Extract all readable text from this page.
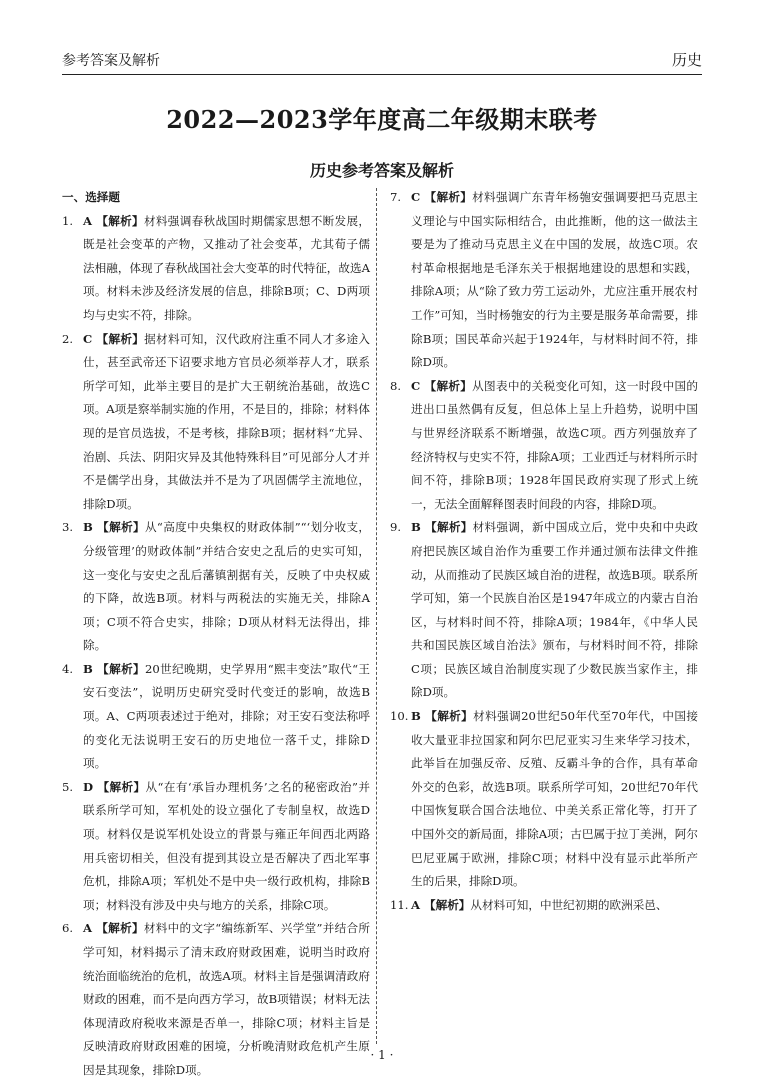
参考答案及解析	历史
2022—2023学年度高二年级期末联考
历史参考答案及解析
一、选择题
1. A 【解析】材料强调春秋战国时期儒家思想不断发展，既是社会变革的产物，又推动了社会变革，尤其荀子儒法相融，体现了春秋战国社会大变革的时代特征，故选A项。材料未涉及经济发展的信息，排除B项；C、D两项均与史实不符，排除。
2. C 【解析】据材料可知，汉代政府注重不同人才多途入仕，甚至武帝还下诏要求地方官员必须举荐人才，联系所学可知，此举主要目的是扩大王朝统治基础，故选C项。A项是察举制实施的作用，不是目的，排除；材料体现的是官员选拔，不是考核，排除B项；据材料“尤异、治剧、兵法、阴阳灾异及其他特殊科目”可见部分人才并不是儒学出身，其做法并不是为了巩固儒学主流地位，排除D项。
3. B 【解析】从“高度中央集权的财政体制”“‘划分收支，分级管理’的财政体制”并结合安史之乱后的史实可知，这一变化与安史之乱后藩镇割据有关，反映了中央权威的下降，故选B项。材料与两税法的实施无关，排除A项；C项不符合史实，排除；D项从材料无法得出，排除。
4. B 【解析】20世纪晚期，史学界用“熙丰变法”取代“王安石变法”，说明历史研究受时代变迁的影响，故选B项。A、C两项表述过于绝对，排除；对王安石变法称呼的变化无法说明王安石的历史地位一落千丈，排除D项。
5. D 【解析】从“在有‘承旨办理机务’之名的秘密政治”并联系所学可知，军机处的设立强化了专制皇权，故选D项。材料仅是说军机处设立的背景与雍正年间西北两路用兵密切相关，但没有提到其设立是否解决了西北军事危机，排除A项；军机处不是中央一级行政机构，排除B项；材料没有涉及中央与地方的关系，排除C项。
6. A 【解析】材料中的文字“编练新军、兴学堂”并结合所学可知，材料揭示了清末政府财政困难，说明当时政府统治面临统治的危机，故选A项。材料主旨是强调清政府财政的困难，而不是向西方学习，故B项错误；材料无法体现清政府税收来源是否单一，排除C项；材料主旨是反映清政府财政困难的困境，分析晚清财政危机产生原因是其现象，排除D项。
7. C 【解析】材料强调广东青年杨匏安强调要把马克思主义理论与中国实际相结合，由此推断，他的这一做法主要是为了推动马克思主义在中国的发展，故选C项。农村革命根据地是毛泽东关于根据地建设的思想和实践，排除A项；从“除了致力劳工运动外，尤应注重开展农村工作”可知，当时杨匏安的行为主要是服务革命需要，排除B项；国民革命兴起于1924年，与材料时间不符，排除D项。
8. C 【解析】从图表中的关税变化可知，这一时段中国的进出口虽然偶有反复，但总体上呈上升趋势，说明中国与世界经济联系不断增强，故选C项。西方列强放弃了经济特权与史实不符，排除A项；工业西迁与材料所示时间不符，排除B项；1928年国民政府实现了形式上统一，无法全面解释图表时间段的内容，排除D项。
9. B 【解析】材料强调，新中国成立后，党中央和中央政府把民族区域自治作为重要工作并通过颁布法律文件推动，从而推动了民族区域自治的进程，故选B项。联系所学可知，第一个民族自治区是1947年成立的内蒙古自治区，与材料时间不符，排除A项；1984年，《中华人民共和国民族区域自治法》颁布，与材料时间不符，排除C项；民族区域自治制度实现了少数民族当家作主，排除D项。
10. B 【解析】材料强调20世纪50年代至70年代，中国接收大量亚非拉国家和阿尔巴尼亚实习生来华学习技术，此举旨在加强反帝、反殖、反霸斗争的合作，具有革命外交的色彩，故选B项。联系所学可知，20世纪70年代中国恢复联合国合法地位、中美关系正常化等，打开了中国外交的新局面，排除A项；古巴属于拉丁美洲，阿尔巴尼亚属于欧洲，排除C项；材料中没有显示此举所产生的后果，排除D项。
11. A 【解析】从材料可知，中世纪初期的欧洲采邑、
· 1 ·
